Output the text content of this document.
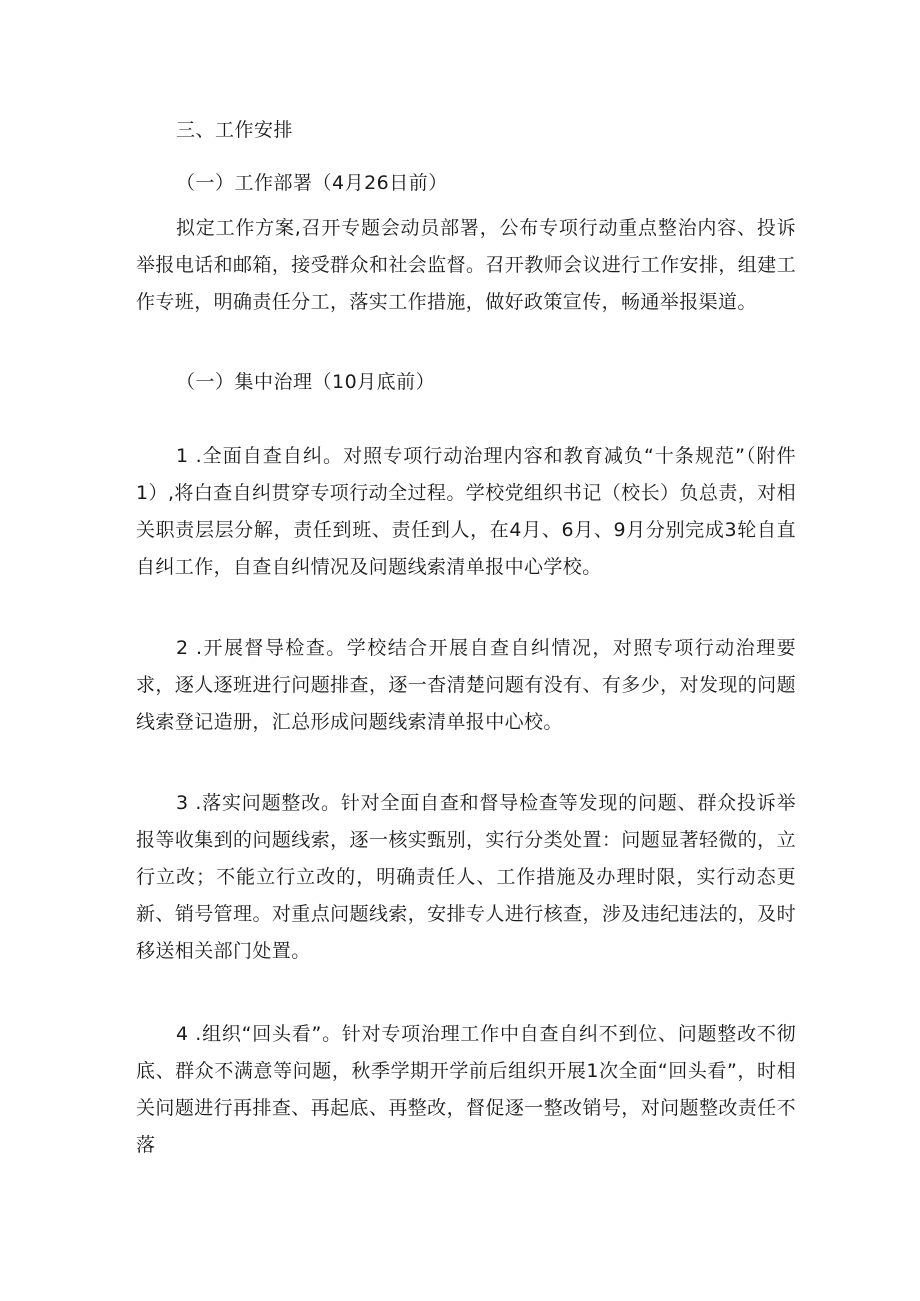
三、工作安排
（一）工作部署（4月26日前）
拟定工作方案,召开专题会动员部署，公布专项行动重点整治内容、投诉举报电话和邮箱，接受群众和社会监督。召开教师会议进行工作安排，组建工作专班，明确责任分工，落实工作措施，做好政策宣传，畅通举报渠道。
（一）集中治理（10月底前）
1 .全面自查自纠。对照专项行动治理内容和教育减负“十条规范”（附件1）,将白查自纠贯穿专项行动全过程。学校党组织书记（校长）负总责，对相关职责层层分解，责任到班、责任到人，在4月、6月、9月分别完成3轮自直自纠工作，自查自纠情况及问题线索清单报中心学校。
2 .开展督导检查。学校结合开展自查自纠情况，对照专项行动治理要求，逐人逐班进行问题排查，逐一杳清楚问题有没有、有多少，对发现的问题线索登记造册，汇总形成问题线索清单报中心校。
3 .落实问题整改。针对全面自查和督导检查等发现的问题、群众投诉举报等收集到的问题线索，逐一核实甄别，实行分类处置：问题显著轻微的，立行立改；不能立行立改的，明确责任人、工作措施及办理时限，实行动态更新、销号管理。对重点问题线索，安排专人进行核查，涉及违纪违法的，及时移送相关部门处置。
4 .组织“回头看”。针对专项治理工作中自查自纠不到位、问题整改不彻底、群众不满意等问题，秋季学期开学前后组织开展1次全面“回头看”，时相关问题进行再排查、再起底、再整改，督促逐一整改销号，对问题整改责任不落
